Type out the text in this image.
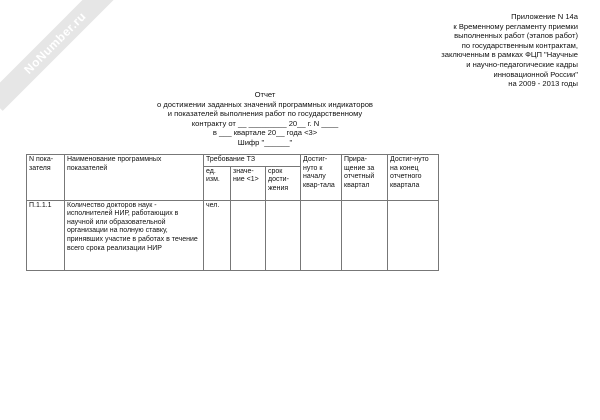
NoNumber.ru	Приложение N 14а
к Временному регламенту приемки
выполненных работ (этапов работ)
по государственным контрактам,
заключенным в рамках ФЦП "Научные
и научно-педагогические кадры
инновационной России"
на 2009 - 2013 годы
Отчет
о достижении заданных значений программных индикаторов
и показателей выполнения работ по государственному
контракту от __ _________ 20__ г. N ____
в ___ квартале 20__ года <3>
Шифр "______"
N пока-зателя	Наименование программных показателей	Требование ТЗ			Достиг-нуто к началу квар-тала	Прира-щение за отчетный квартал	Достиг-нуто на конец отчетного квартала
		ед. изм.	значе-ние <1>	срок дости-жения			
П.1.1.1	Количество докторов наук - исполнителей НИР, работающих в научной или образовательной организации на полную ставку, принявших участие в работах в течение всего срока реализации НИР	чел.					
